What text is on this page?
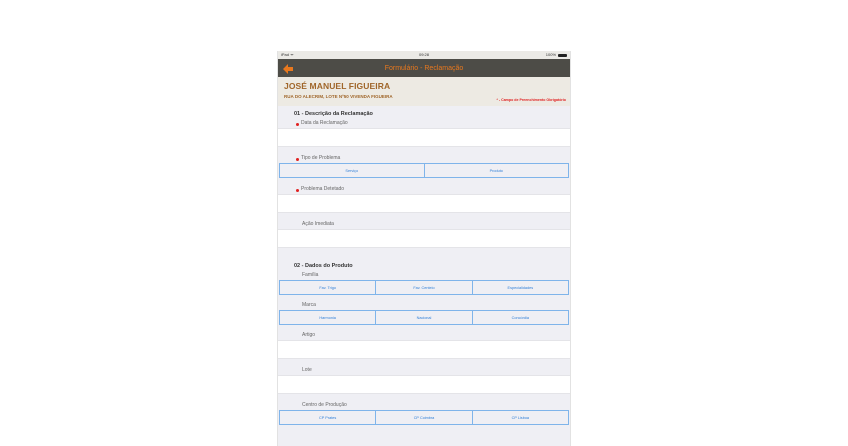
iPad ᯤ	09:28	100%
Formulário - Reclamação
JOSÉ MANUEL FIGUEIRA
RUA DO ALECRIM, LOTE Nº50 VIVENDA FIGUEIRA
* - Campo de Preenchimento Obrigatório
01 - Descrição da Reclamação
Data da Reclamação
Tipo de Problema
Serviço	Produto
Problema Detetado
Ação Imediata
02 - Dados do Produto
Família
Fav. Trigo	Fav. Centeio	Especialidades
Marca
Harmonia	Nacional	Concórdia
Artigo
Lote
Centro de Produção
CP Prates	CP Coimbra	CP Lisboa
